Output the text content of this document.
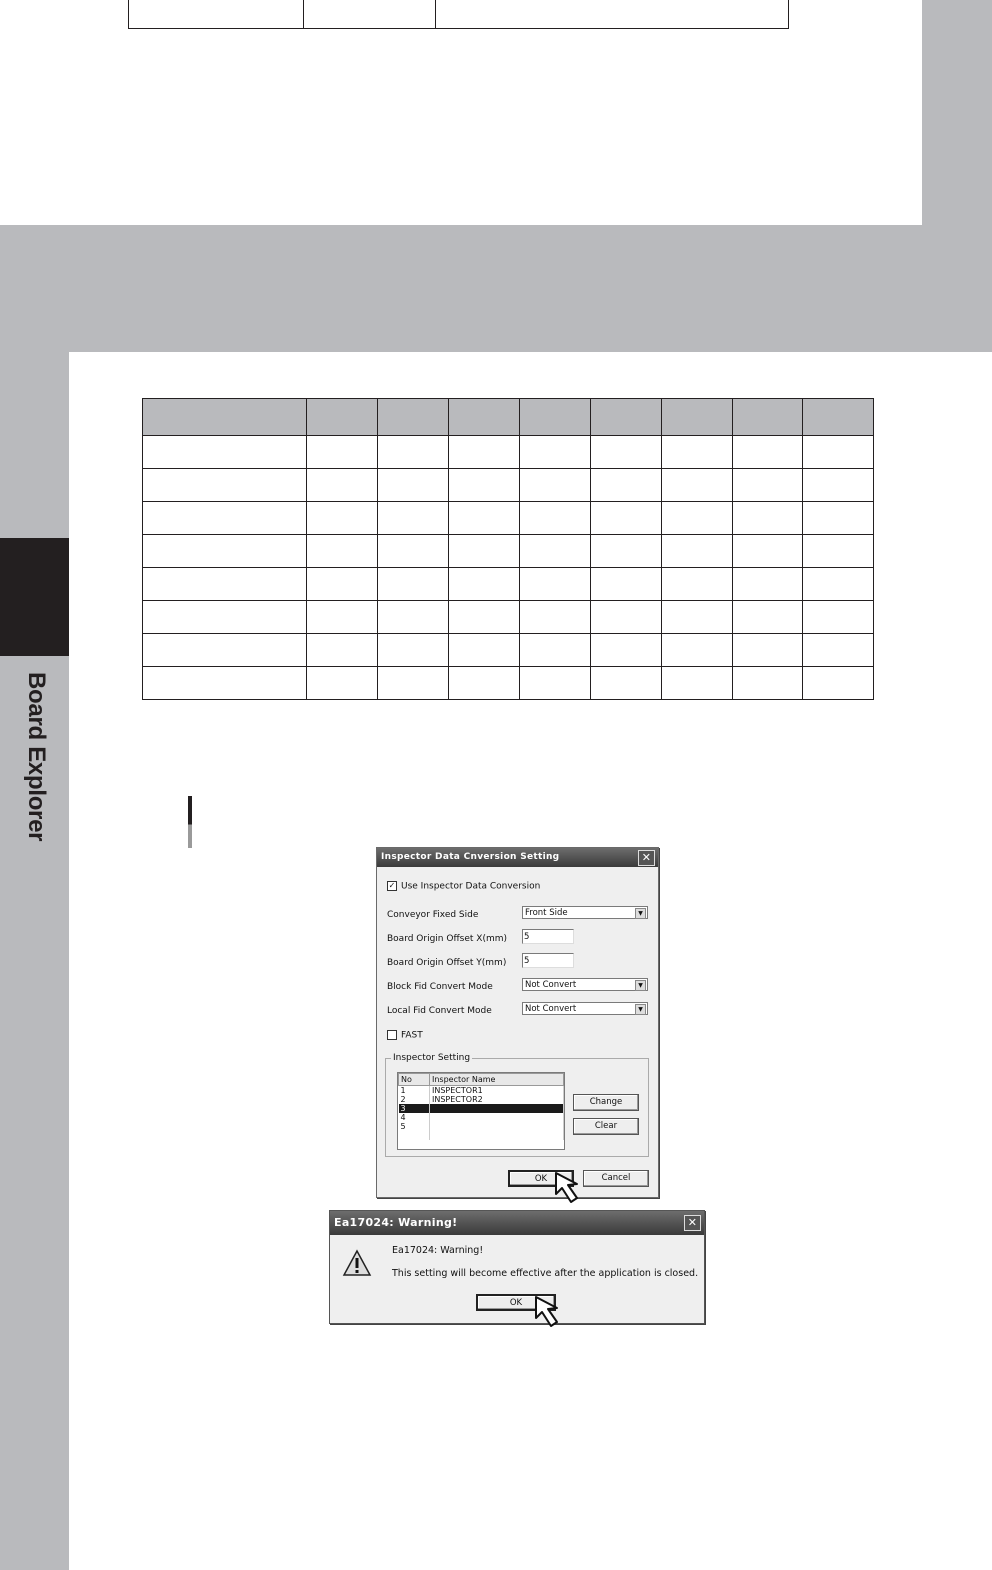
Board Explorer

Inspector Data Cnversion Setting	✕
✓ Use Inspector Data Conversion
Conveyor Fixed Side	Front Side	▼
Board Origin Offset X(mm) 5
Board Origin Offset Y(mm) 5
Block Fid Convert Mode	Not Convert	▼
Local Fid Convert Mode	Not Convert	▼
FAST
Inspector Setting
No	Inspector Name
1	INSPECTOR1
2	INSPECTOR2
3	
4	
5	

Change
Clear
OK	Cancel
Ea17024: Warning!	✕
Ea17024: Warning!
This setting will become effective after the application is closed.
OK
